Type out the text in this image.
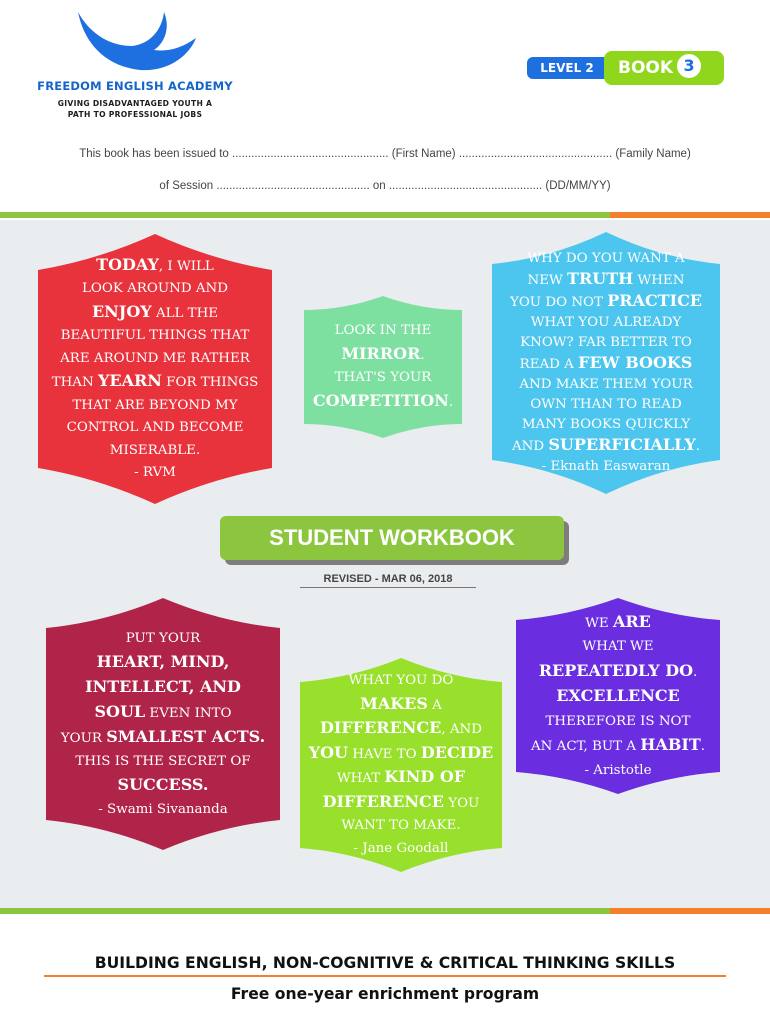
FREEDOM ENGLISH ACADEMY
GIVING DISADVANTAGED YOUTH A
PATH TO PROFESSIONAL JOBS
LEVEL 2	BOOK 3
This book has been issued to ................................................. (First Name) ................................................ (Family Name)
of Session ................................................ on ................................................ (DD/MM/YY)
TODAY, I WILL
LOOK AROUND AND
ENJOY ALL THE
BEAUTIFUL THINGS THAT
ARE AROUND ME RATHER
THAN YEARN FOR THINGS
THAT ARE BEYOND MY
CONTROL AND BECOME
MISERABLE.
- RVM
LOOK IN THE
MIRROR.
THAT'S YOUR
COMPETITION.
WHY DO YOU WANT A
NEW TRUTH WHEN
YOU DO NOT PRACTICE
WHAT YOU ALREADY
KNOW? FAR BETTER TO
READ A FEW BOOKS
AND MAKE THEM YOUR
OWN THAN TO READ
MANY BOOKS QUICKLY
AND SUPERFICIALLY.
- Eknath Easwaran
STUDENT WORKBOOK
REVISED - MAR 06, 2018
PUT YOUR
HEART, MIND,
INTELLECT, AND
SOUL EVEN INTO
YOUR SMALLEST ACTS.
THIS IS THE SECRET OF
SUCCESS.
- Swami Sivananda
WHAT YOU DO
MAKES A
DIFFERENCE, AND
YOU HAVE TO DECIDE
WHAT KIND OF
DIFFERENCE YOU
WANT TO MAKE.
- Jane Goodall
WE ARE
WHAT WE
REPEATEDLY DO.
EXCELLENCE
THEREFORE IS NOT
AN ACT, BUT A HABIT.
- Aristotle
BUILDING ENGLISH, NON-COGNITIVE & CRITICAL THINKING SKILLS
Free one-year enrichment program
